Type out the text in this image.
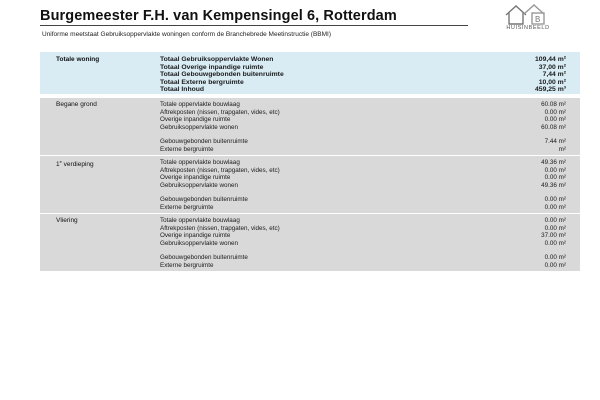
Burgemeester F.H. van Kempensingel 6, Rotterdam
Uniforme meetstaat Gebruiksoppervlakte woningen conform de Branchebrede Meetinstructie (BBMI)
B
HUISINBEELD
Totale woning	Totaal Gebruiksoppervlakte Wonen	109,44 m²
Totaal Overige inpandige ruimte	37,00 m²
Totaal Gebouwgebonden buitenruimte	7,44 m²
Totaal Externe bergruimte	10,00 m²
Totaal Inhoud	459,25 m³
Begane grond	Totale oppervlakte bouwlaag	60.08 m²
Aftrekposten (nissen, trapgaten, vides, etc)	0.00 m²
Overige inpandige ruimte	0.00 m²
Gebruiksoppervlakte wonen	60.08 m²
Gebouwgebonden buitenruimte	7.44 m²
Externe bergruimte	m²
1e verdieping	Totale oppervlakte bouwlaag	49.36 m²
Aftrekposten (nissen, trapgaten, vides, etc)	0.00 m²
Overige inpandige ruimte	0.00 m²
Gebruiksoppervlakte wonen	49.36 m²
Gebouwgebonden buitenruimte	0.00 m²
Externe bergruimte	0.00 m²
Vliering	Totale oppervlakte bouwlaag	0.00 m²
Aftrekposten (nissen, trapgaten, vides, etc)	0.00 m²
Overige inpandige ruimte	37.00 m²
Gebruiksoppervlakte wonen	0.00 m²
Gebouwgebonden buitenruimte	0.00 m²
Externe bergruimte	0.00 m²
